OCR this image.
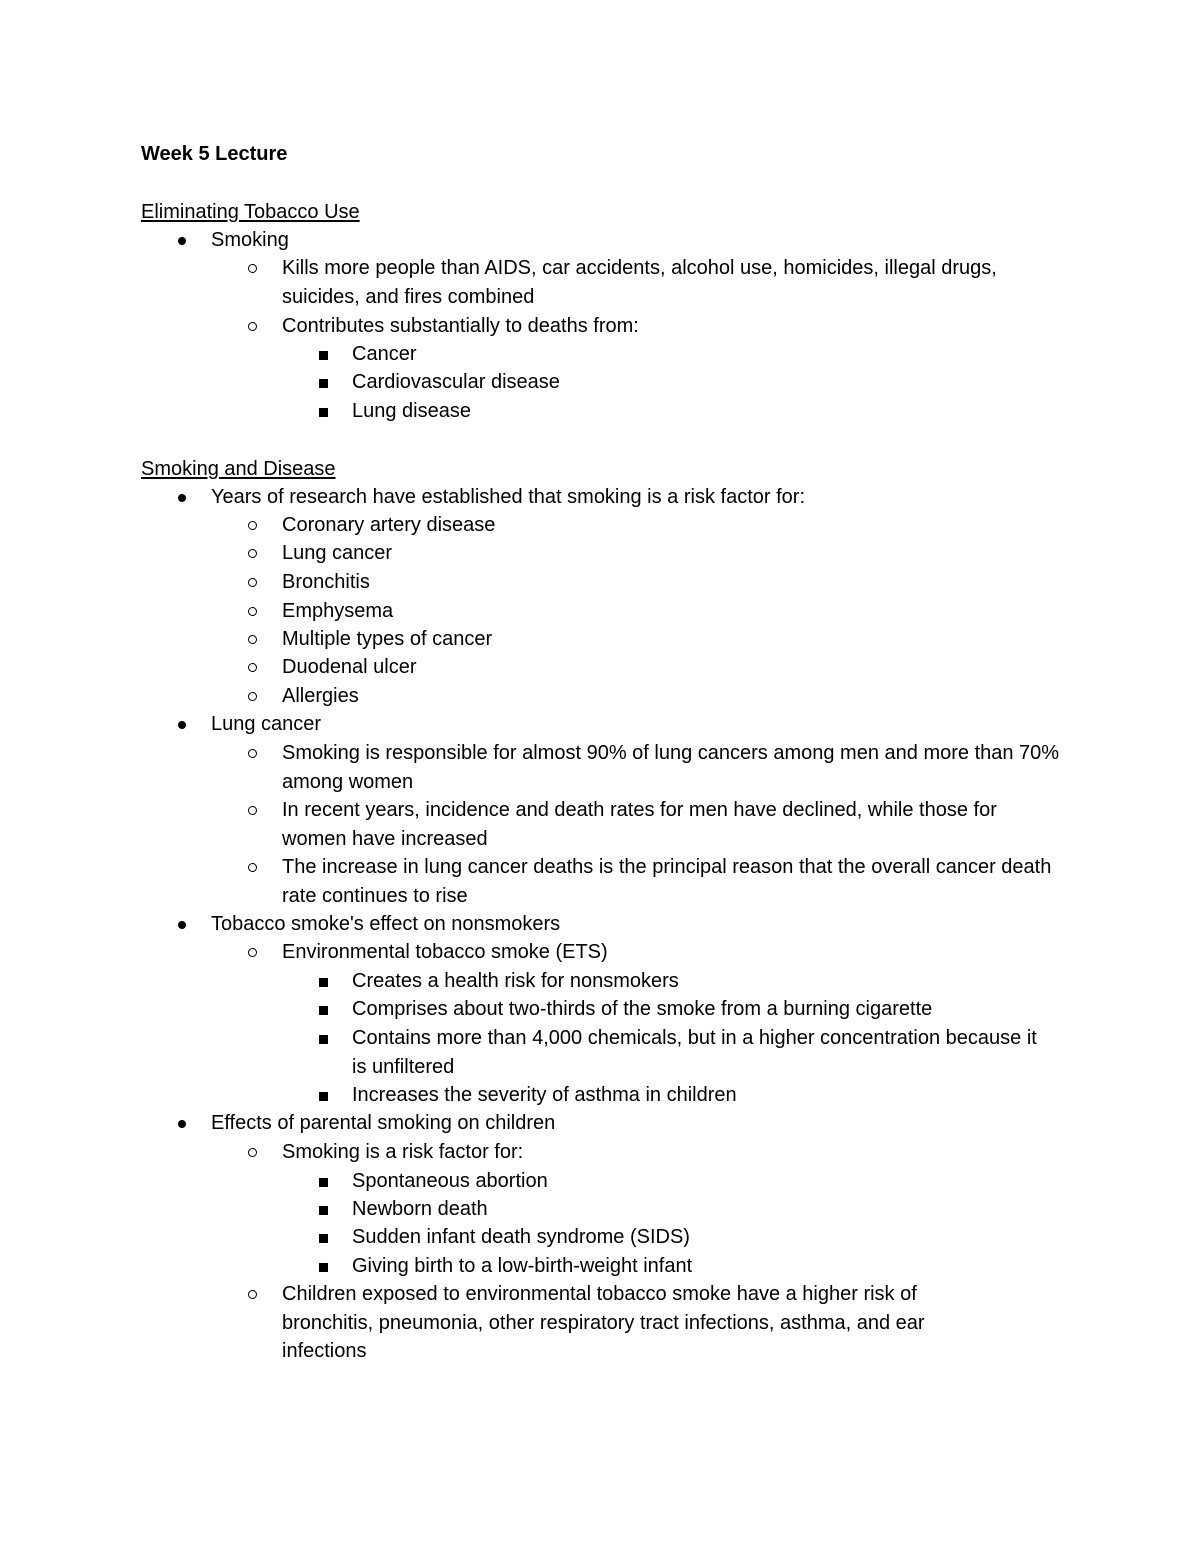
Week 5 Lecture
Eliminating Tobacco Use
Smoking
Kills more people than AIDS, car accidents, alcohol use, homicides, illegal drugs, suicides, and fires combined
Contributes substantially to deaths from:
Cancer
Cardiovascular disease
Lung disease
Smoking and Disease
Years of research have established that smoking is a risk factor for:
Coronary artery disease
Lung cancer
Bronchitis
Emphysema
Multiple types of cancer
Duodenal ulcer
Allergies
Lung cancer
Smoking is responsible for almost 90% of lung cancers among men and more than 70% among women
In recent years, incidence and death rates for men have declined, while those for women have increased
The increase in lung cancer deaths is the principal reason that the overall cancer death rate continues to rise
Tobacco smoke's effect on nonsmokers
Environmental tobacco smoke (ETS)
Creates a health risk for nonsmokers
Comprises about two-thirds of the smoke from a burning cigarette
Contains more than 4,000 chemicals, but in a higher concentration because it is unfiltered
Increases the severity of asthma in children
Effects of parental smoking on children
Smoking is a risk factor for:
Spontaneous abortion
Newborn death
Sudden infant death syndrome (SIDS)
Giving birth to a low-birth-weight infant
Children exposed to environmental tobacco smoke have a higher risk of bronchitis, pneumonia, other respiratory tract infections, asthma, and ear infections
